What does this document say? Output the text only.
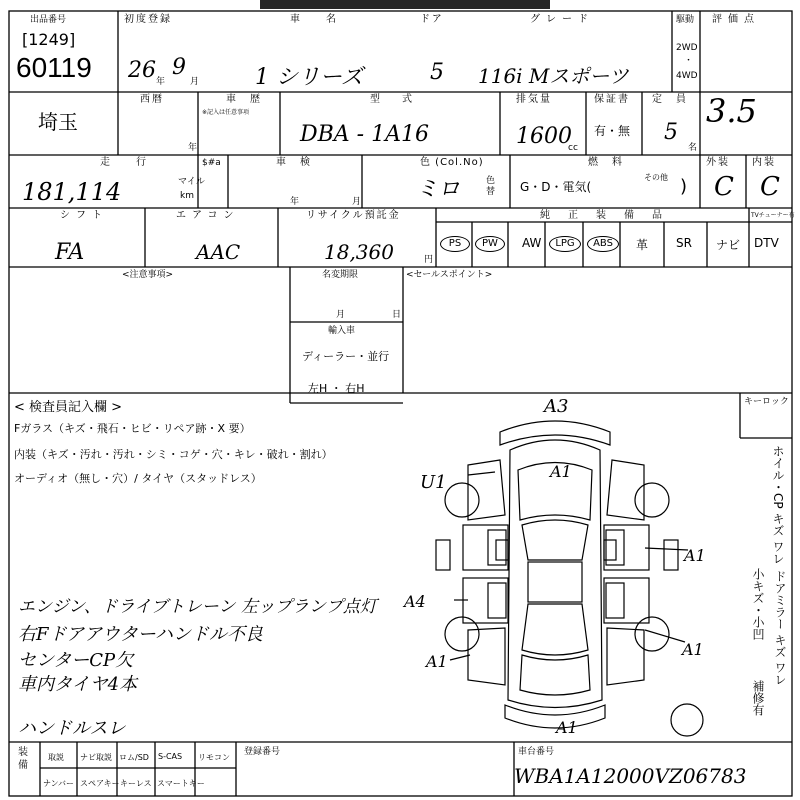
出品番号
[1249]
60119
初度登録
26 年
9
月
車　名
1 シリーズ
ドア
5
グレード
116i Mスポーツ
駆動
2WD
・
4WD
評価点
3.5
西暦
年
埼玉
車　歴
※記入は任意事項
型　式
DBA - 1A16
排気量
1600
cc
保証書
有・無
定　員
5
名
走　行
181,114	マイル
km
$#a	車　検
年	月
色 (Col.No)
ミロ	色替
燃　料
G・D・電気(
その他 )
外装
C
内装
C
シフト
FA
エアコン
AAC
リサイクル預託金
18,360	円
純　正　装　備　品	TVチューナー有
PS	PW	AW	LPG	ABS	革 SR ナビ DTV
<注意事項>	<セールスポイント>
名変期限
月	日
輸入車
ディーラー・並行
左H ・ 右H
< 検査員記入欄 >
Fガラス（キズ・飛石・ヒビ・リペア跡・X 要）
内装（キズ・汚れ・汚れ・シミ・コゲ・穴・キレ・破れ・割れ）
オーディオ（無し・穴）/ タイヤ（スタッドレス）
エンジン、ドライブトレーン 左ップランプ点灯
右Fドアアウターハンドル不良
センターCP欠
車内タイヤ4本
ハンドルスレ
キーロック
ホイル・CP キズ ワレ
小キズ・小凹 ドアミラー キズ ワレ
補修有
A3
U1
A1
A1
A4
A1
A1
A1
装備
取説 ナビ取説 ロム/SD S-CAS リモコン
ナンバー スペアキー キーレス スマートキー
登録番号	車台番号
WBA1A12000VZ06783
